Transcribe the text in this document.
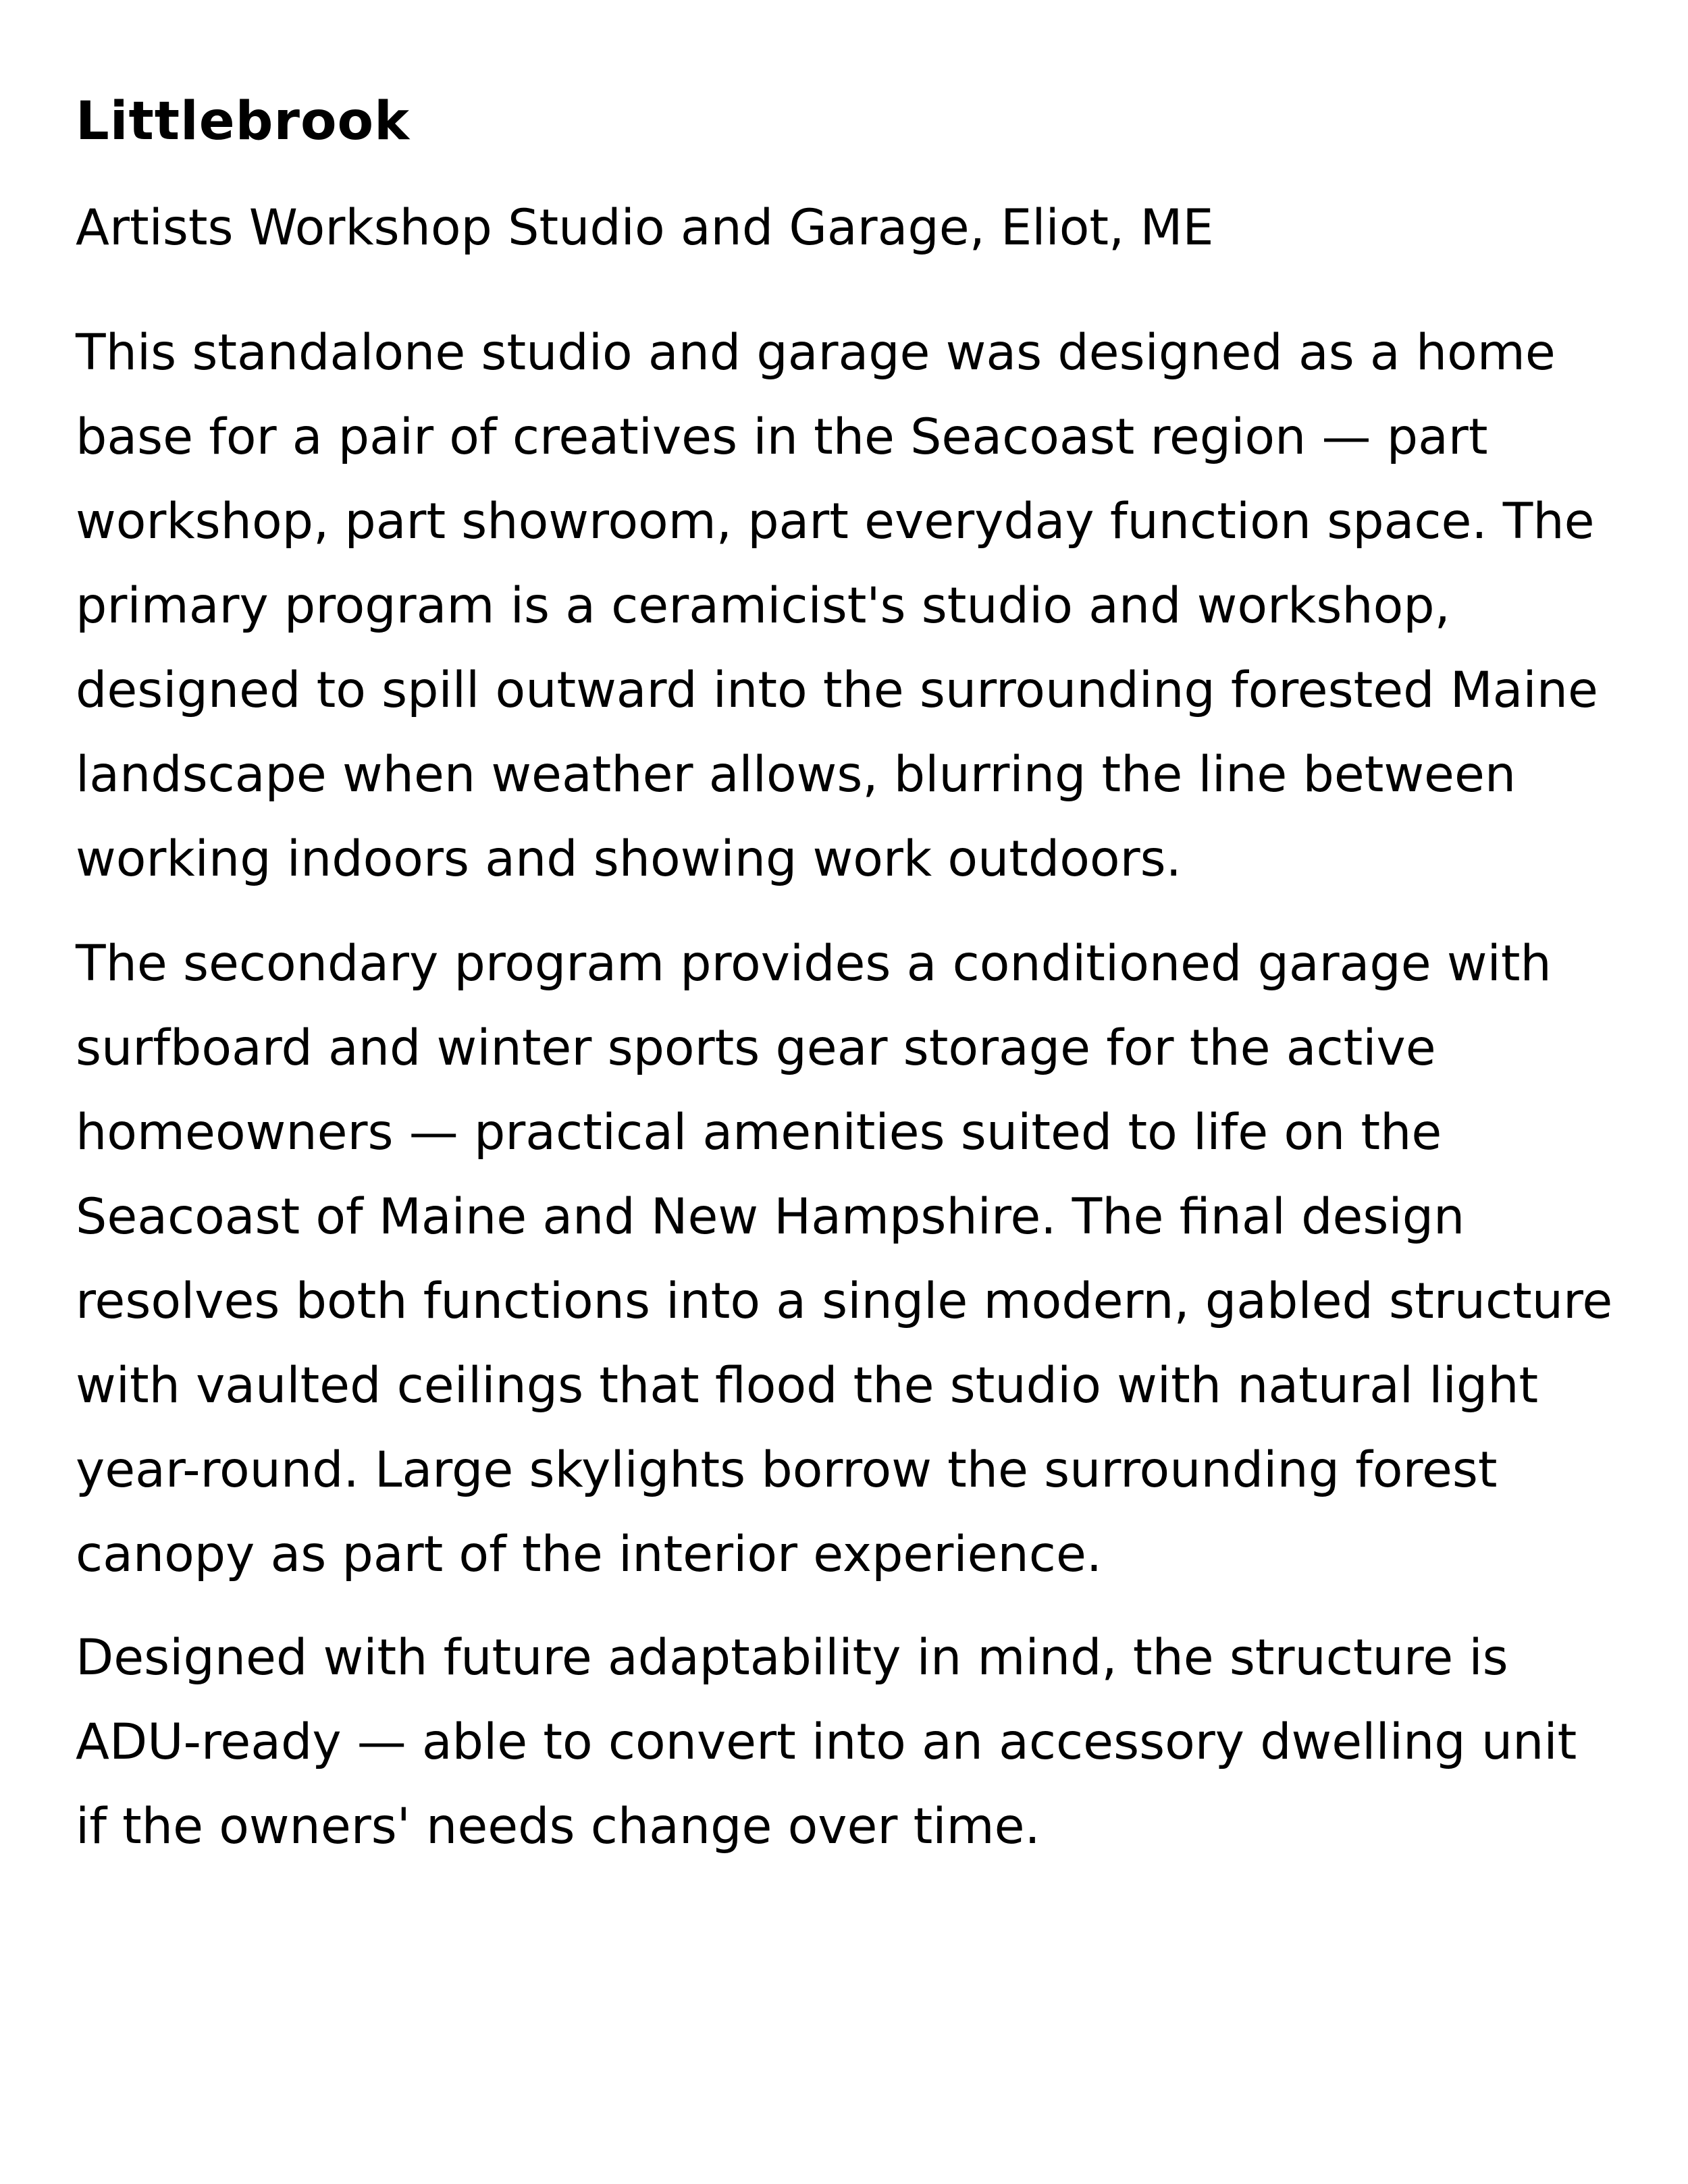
Littlebrook

Artists Workshop Studio and Garage, Eliot, ME

This standalone studio and garage was designed as a home base for a pair of creatives in the Seacoast region — part workshop, part showroom, part everyday function space. The primary program is a ceramicist's studio and workshop, designed to spill outward into the surrounding forested Maine landscape when weather allows, blurring the line between working indoors and showing work outdoors.

The secondary program provides a conditioned garage with surfboard and winter sports gear storage for the active homeowners — practical amenities suited to life on the Seacoast of Maine and New Hampshire. The final design resolves both functions into a single modern, gabled structure with vaulted ceilings that flood the studio with natural light year-round. Large skylights borrow the surrounding forest canopy as part of the interior experience.

Designed with future adaptability in mind, the structure is ADU-ready — able to convert into an accessory dwelling unit if the owners' needs change over time.
